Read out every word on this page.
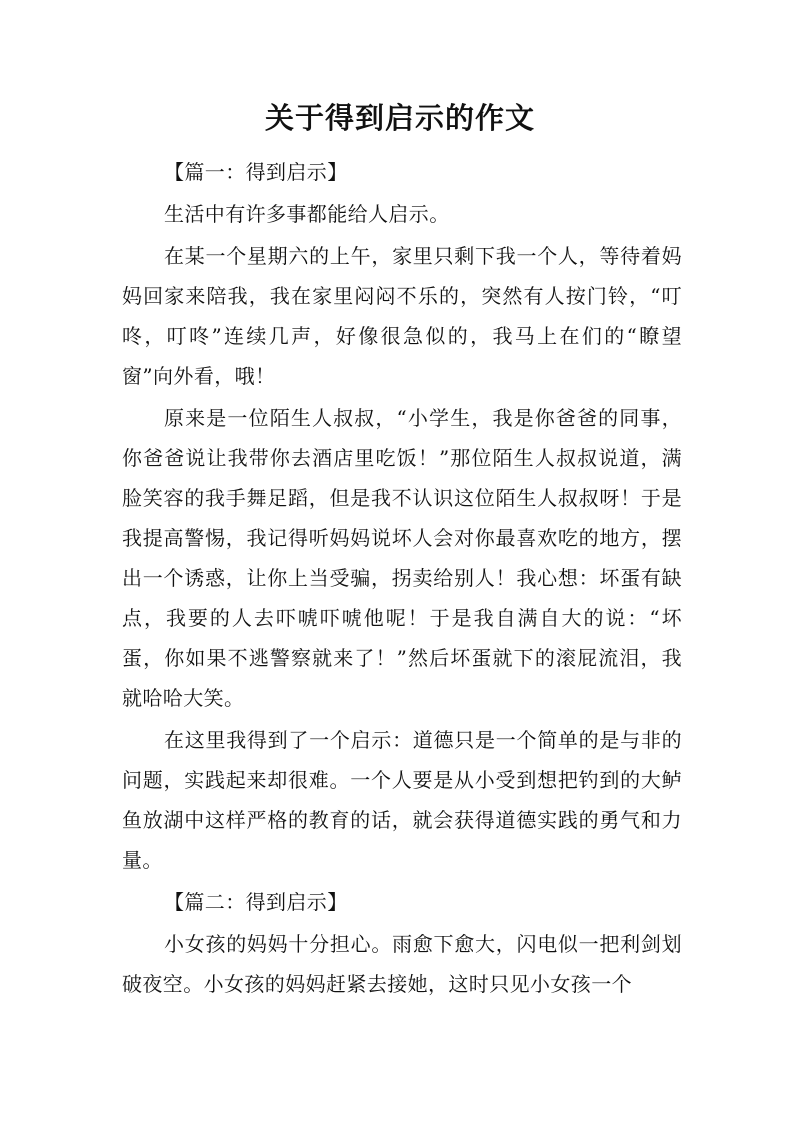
关于得到启示的作文

【篇一：得到启示】

生活中有许多事都能给人启示。

在某一个星期六的上午，家里只剩下我一个人，等待着妈妈回家来陪我，我在家里闷闷不乐的，突然有人按门铃，“叮咚，叮咚”连续几声，好像很急似的，我马上在们的“瞭望窗”向外看，哦！

原来是一位陌生人叔叔，“小学生，我是你爸爸的同事，你爸爸说让我带你去酒店里吃饭！”那位陌生人叔叔说道，满脸笑容的我手舞足蹈，但是我不认识这位陌生人叔叔呀！于是我提高警惕，我记得听妈妈说坏人会对你最喜欢吃的地方，摆出一个诱惑，让你上当受骗，拐卖给别人！我心想：坏蛋有缺点，我要的人去吓唬吓唬他呢！于是我自满自大的说：“坏蛋，你如果不逃警察就来了！”然后坏蛋就下的滚屁流泪，我就哈哈大笑。

在这里我得到了一个启示：道德只是一个简单的是与非的问题，实践起来却很难。一个人要是从小受到想把钓到的大鲈鱼放湖中这样严格的教育的话，就会获得道德实践的勇气和力量。

【篇二：得到启示】

小女孩的妈妈十分担心。雨愈下愈大，闪电似一把利剑划破夜空。小女孩的妈妈赶紧去接她，这时只见小女孩一个
